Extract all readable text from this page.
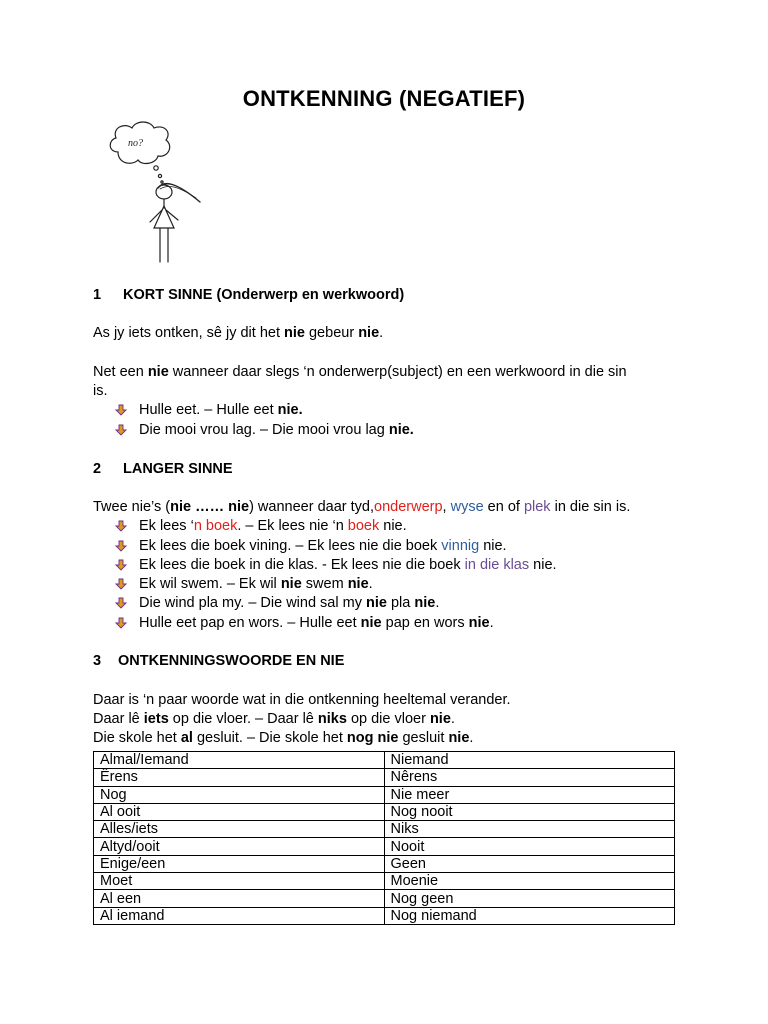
ONTKENNING (NEGATIEF)
no?
1 KORT SINNE (Onderwerp en werkwoord)
As jy iets ontken, sê jy dit het nie gebeur nie.
Net een nie wanneer daar slegs ‘n onderwerp(subject) en een werkwoord in die sin
is.
Hulle eet. – Hulle eet nie.
Die mooi vrou lag. – Die mooi vrou lag nie.
2 LANGER SINNE
Twee nie’s (nie …… nie) wanneer daar tyd,onderwerp, wyse en of plek in die sin is.
Ek lees ‘n boek. – Ek lees nie ‘n boek nie.
Ek lees die boek vining. – Ek lees nie die boek vinnig nie.
Ek lees die boek in die klas. - Ek lees nie die boek in die klas nie.
Ek wil swem. – Ek wil nie swem nie.
Die wind pla my. – Die wind sal my nie pla nie.
Hulle eet pap en wors. – Hulle eet nie pap en wors nie.
3 ONTKENNINGSWOORDE EN NIE
Daar is ‘n paar woorde wat in die ontkenning heeltemal verander.
Daar lê iets op die vloer. – Daar lê niks op die vloer nie.
Die skole het al gesluit. – Die skole het nog nie gesluit nie.
Almal/Iemand	Niemand
Êrens	Nêrens
Nog	Nie meer
Al ooit	Nog nooit
Alles/iets	Niks
Altyd/ooit	Nooit
Enige/een	Geen
Moet	Moenie
Al een	Nog geen
Al iemand	Nog niemand
